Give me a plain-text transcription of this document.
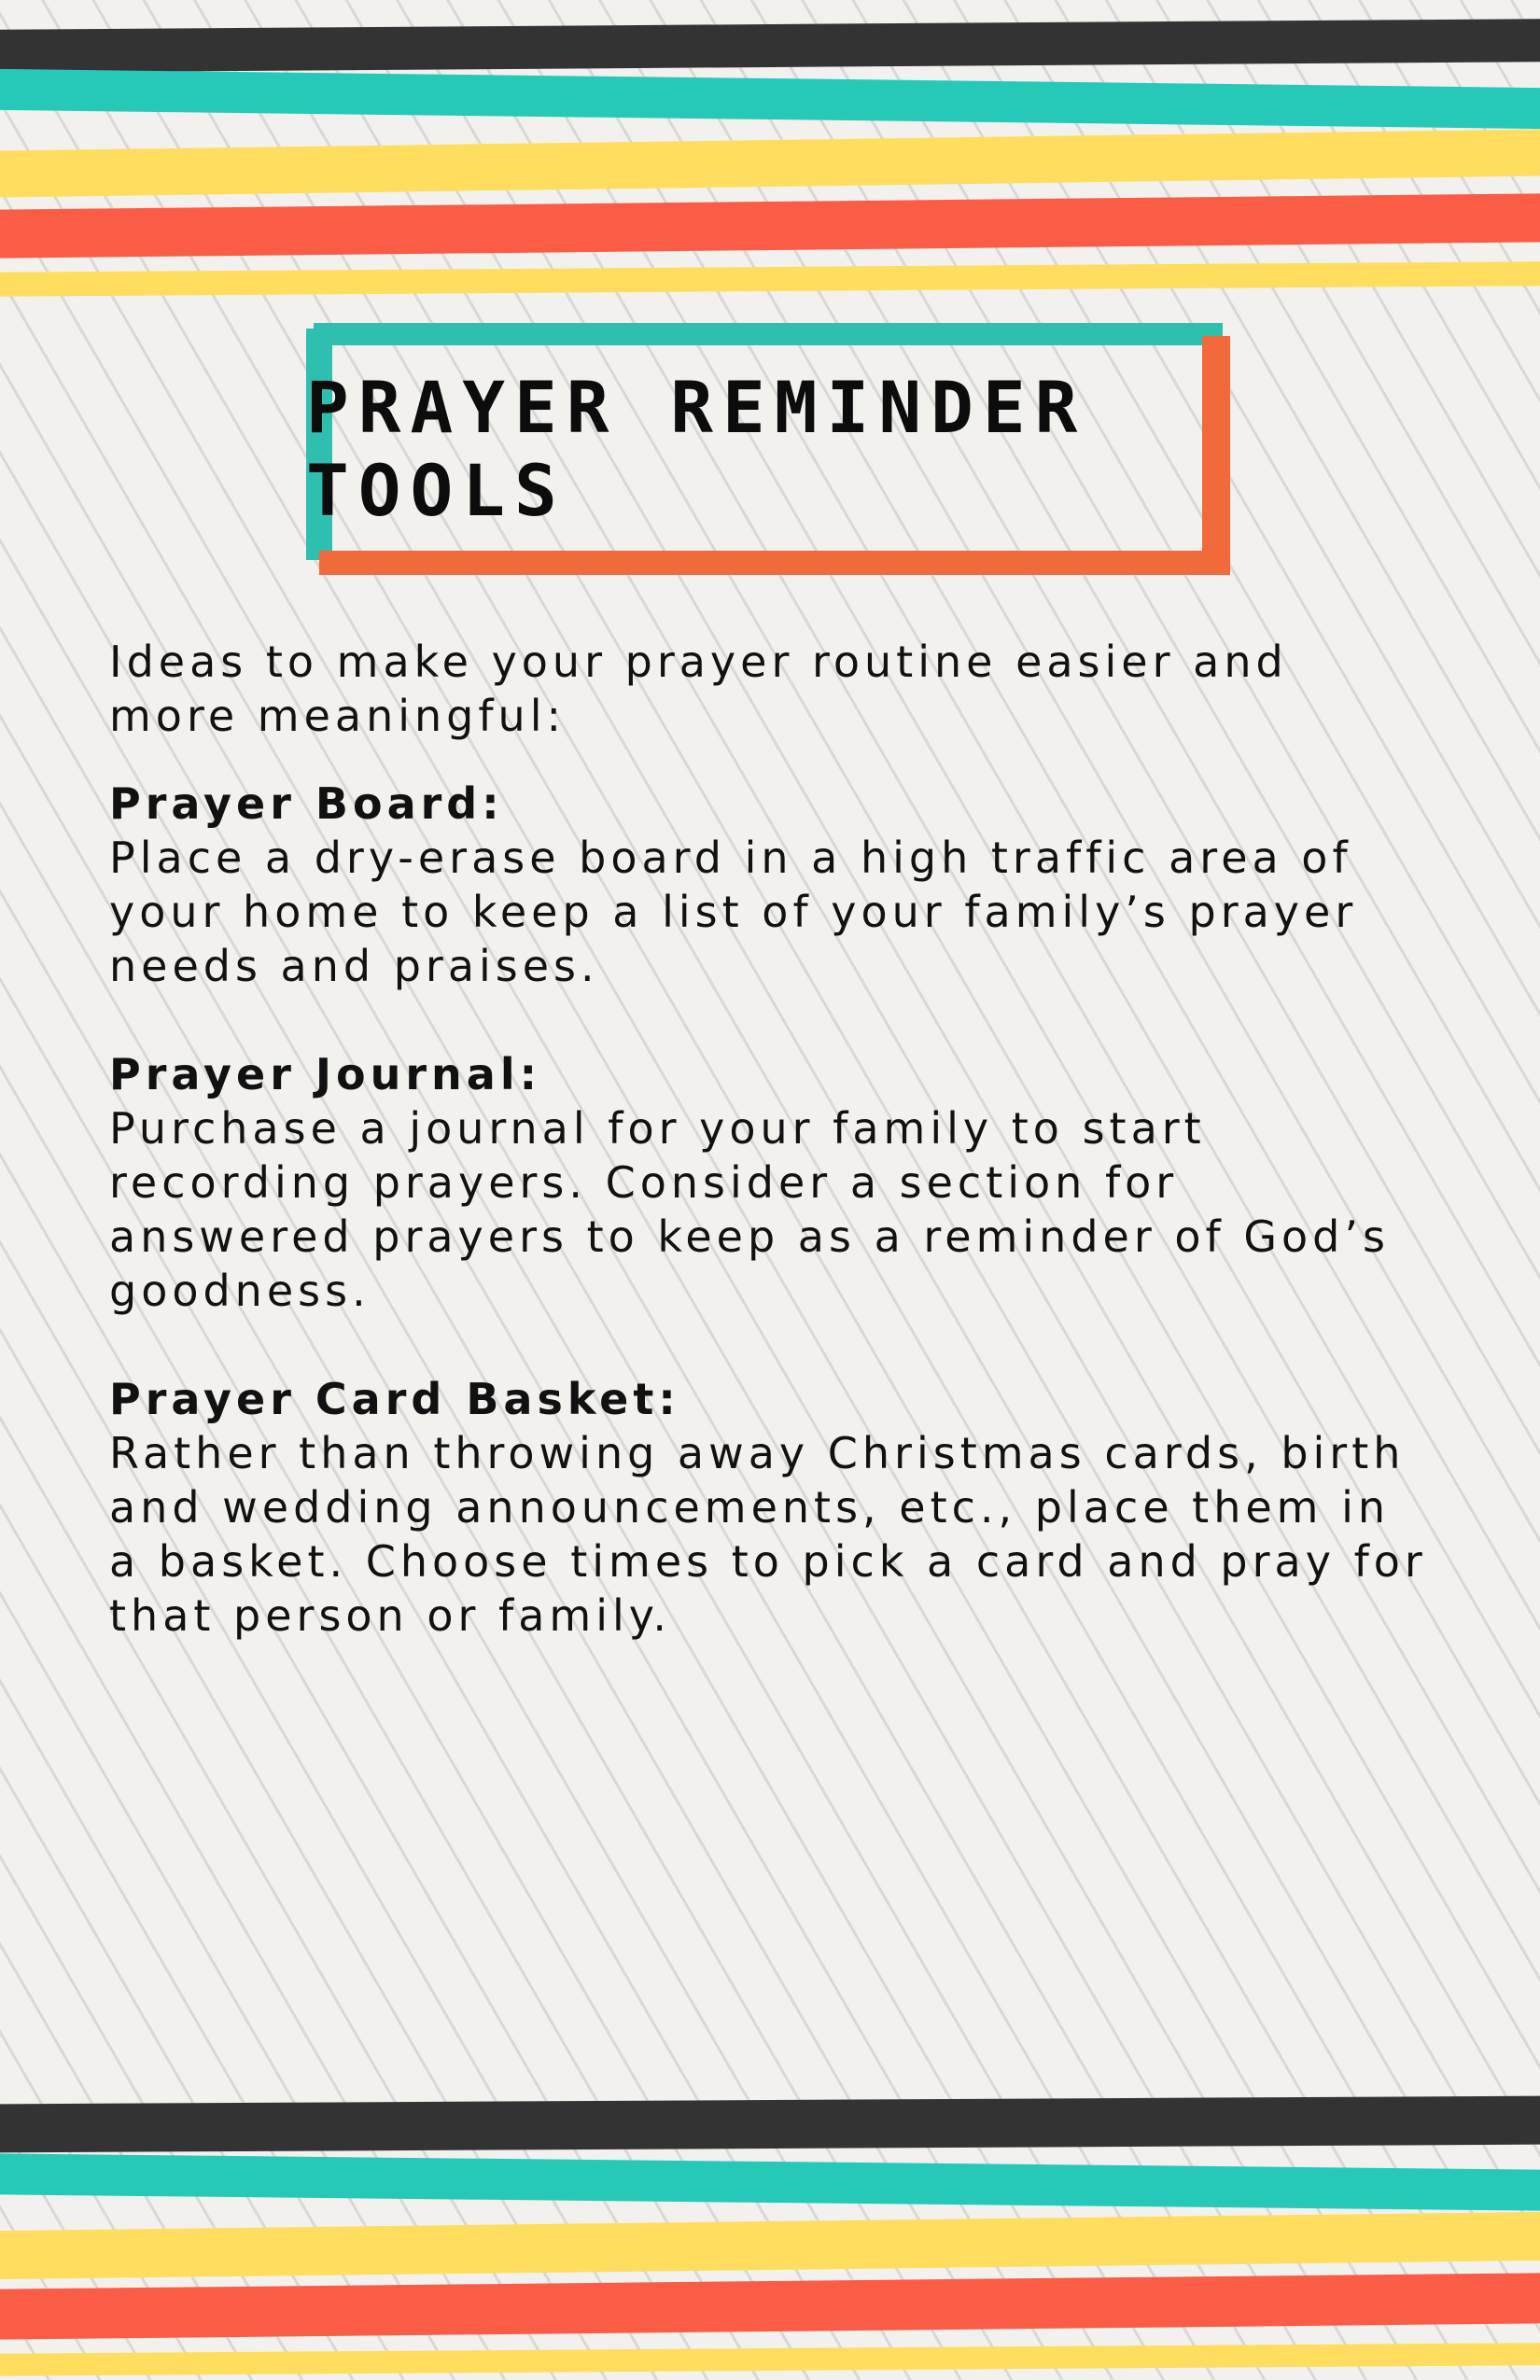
PRAYER REMINDER TOOLS

Ideas to make your prayer routine easier and more meaningful:

Prayer Board:

Place a dry-erase board in a high traffic area of your home to keep a list of your family’s prayer needs and praises.

Prayer Journal:

Purchase a journal for your family to start recording prayers. Consider a section for answered prayers to keep as a reminder of God’s goodness.

Prayer Card Basket:

Rather than throwing away Christmas cards, birth and wedding announcements, etc., place them in a basket. Choose times to pick a card and pray for that person or family.
